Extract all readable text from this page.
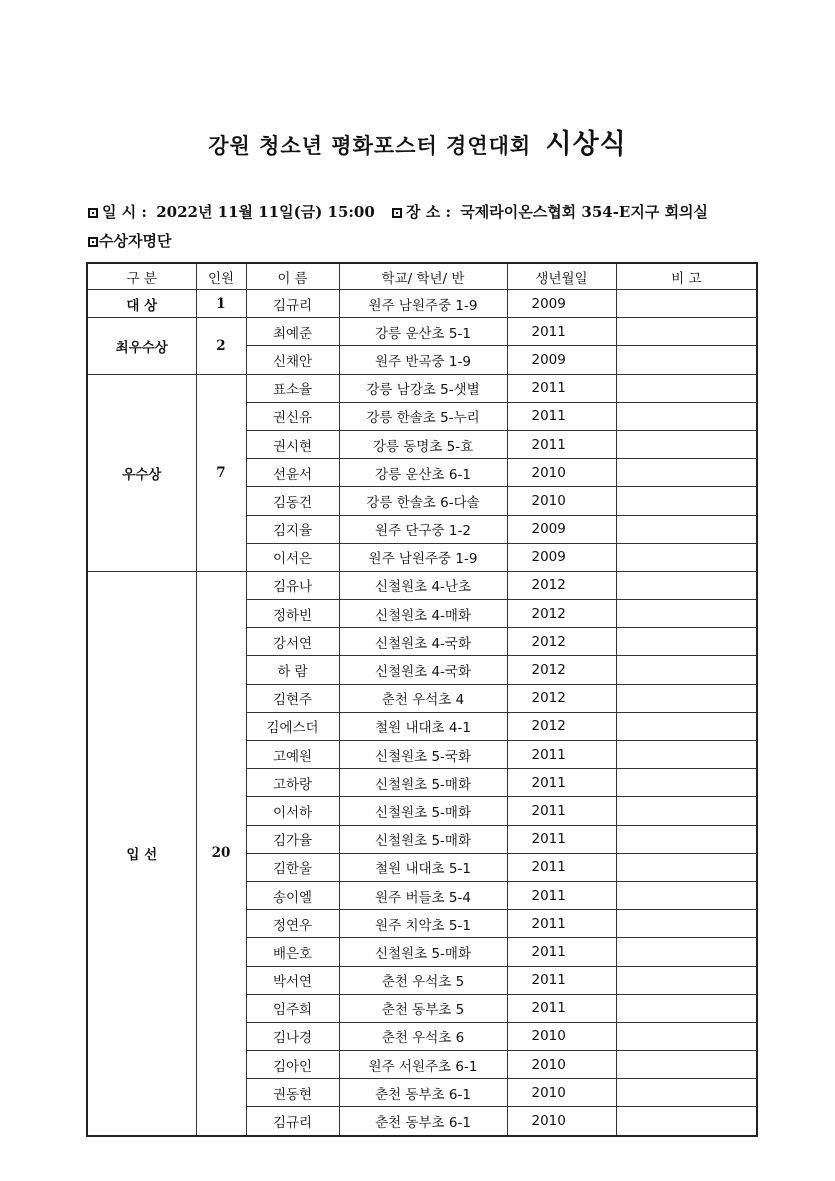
강원 청소년 평화포스터 경연대회 시상식
일 시 : 2022년 11월 11일(금) 15:00 장 소 : 국제라이온스협회 354-E지구 회의실
수상자명단
구 분	인원	이 름	학교/ 학년/ 반	생년월일	비 고
대 상	1	김규리	원주 남원주중 1-9	2009	
최우수상	2	최예준	강릉 운산초 5-1	2011	
		신채안	원주 반곡중 1-9	2009	
우수상	7	표소율	강릉 남강초 5-샛별	2011	
		권신유	강릉 한솔초 5-누리	2011	
		권시현	강릉 동명초 5-효	2011	
		선윤서	강릉 운산초 6-1	2010	
		김동건	강릉 한솔초 6-다솔	2010	
		김지율	원주 단구중 1-2	2009	
		이서은	원주 남원주중 1-9	2009	
입 선	20	김유나	신철원초 4-난초	2012	
		정하빈	신철원초 4-매화	2012	
		강서연	신철원초 4-국화	2012	
		하 람	신철원초 4-국화	2012	
		김현주	춘천 우석초 4	2012	
		김에스더	철원 내대초 4-1	2012	
		고예원	신철원초 5-국화	2011	
		고하랑	신철원초 5-매화	2011	
		이서하	신철원초 5-매화	2011	
		김가율	신철원초 5-매화	2011	
		김한울	철원 내대초 5-1	2011	
		송이엘	원주 버들초 5-4	2011	
		정연우	원주 치악초 5-1	2011	
		배은호	신철원초 5-매화	2011	
		박서연	춘천 우석초 5	2011	
		임주희	춘천 동부초 5	2011	
		김나경	춘천 우석초 6	2010	
		김아인	원주 서원주초 6-1	2010	
		권동현	춘천 동부초 6-1	2010	
		김규리	춘천 동부초 6-1	2010	
